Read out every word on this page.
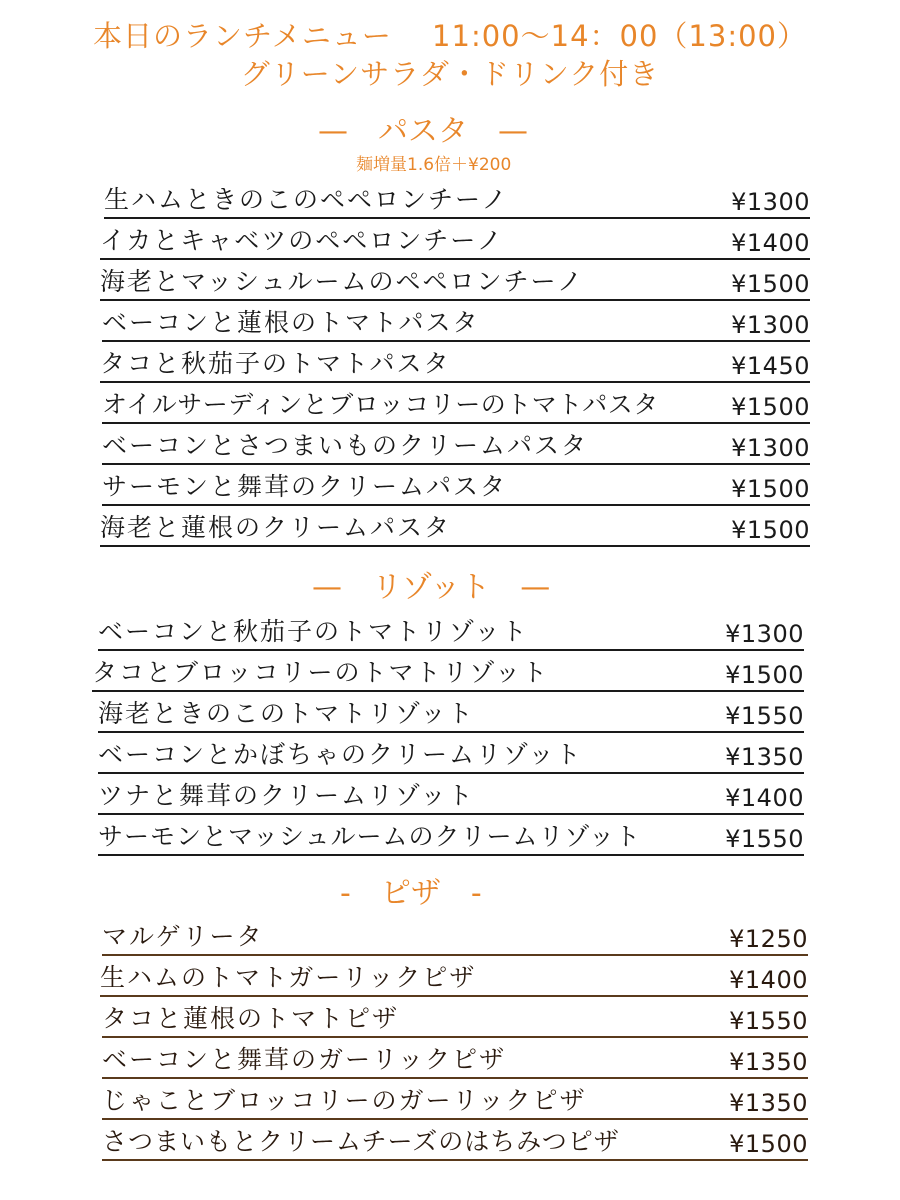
本日のランチメニュー　 11:00〜14：00（13:00）
グリーンサラダ・ドリンク付き
—　パスタ　—
麺増量1.6倍＋¥200
生ハムときのこのペペロンチーノ	¥1300
イカとキャベツのペペロンチーノ	¥1400
海老とマッシュルームのペペロンチーノ	¥1500
ベーコンと蓮根のトマトパスタ	¥1300
タコと秋茄子のトマトパスタ	¥1450
オイルサーディンとブロッコリーのトマトパスタ	¥1500
ベーコンとさつまいものクリームパスタ	¥1300
サーモンと舞茸のクリームパスタ	¥1500
海老と蓮根のクリームパスタ	¥1500
—　リゾット　—
ベーコンと秋茄子のトマトリゾット	¥1300
タコとブロッコリーのトマトリゾット	¥1500
海老ときのこのトマトリゾット	¥1550
ベーコンとかぼちゃのクリームリゾット	¥1350
ツナと舞茸のクリームリゾット	¥1400
サーモンとマッシュルームのクリームリゾット	¥1550
-　ピザ　-
マルゲリータ	¥1250
生ハムのトマトガーリックピザ	¥1400
タコと蓮根のトマトピザ	¥1550
ベーコンと舞茸のガーリックピザ	¥1350
じゃことブロッコリーのガーリックピザ	¥1350
さつまいもとクリームチーズのはちみつピザ	¥1500
